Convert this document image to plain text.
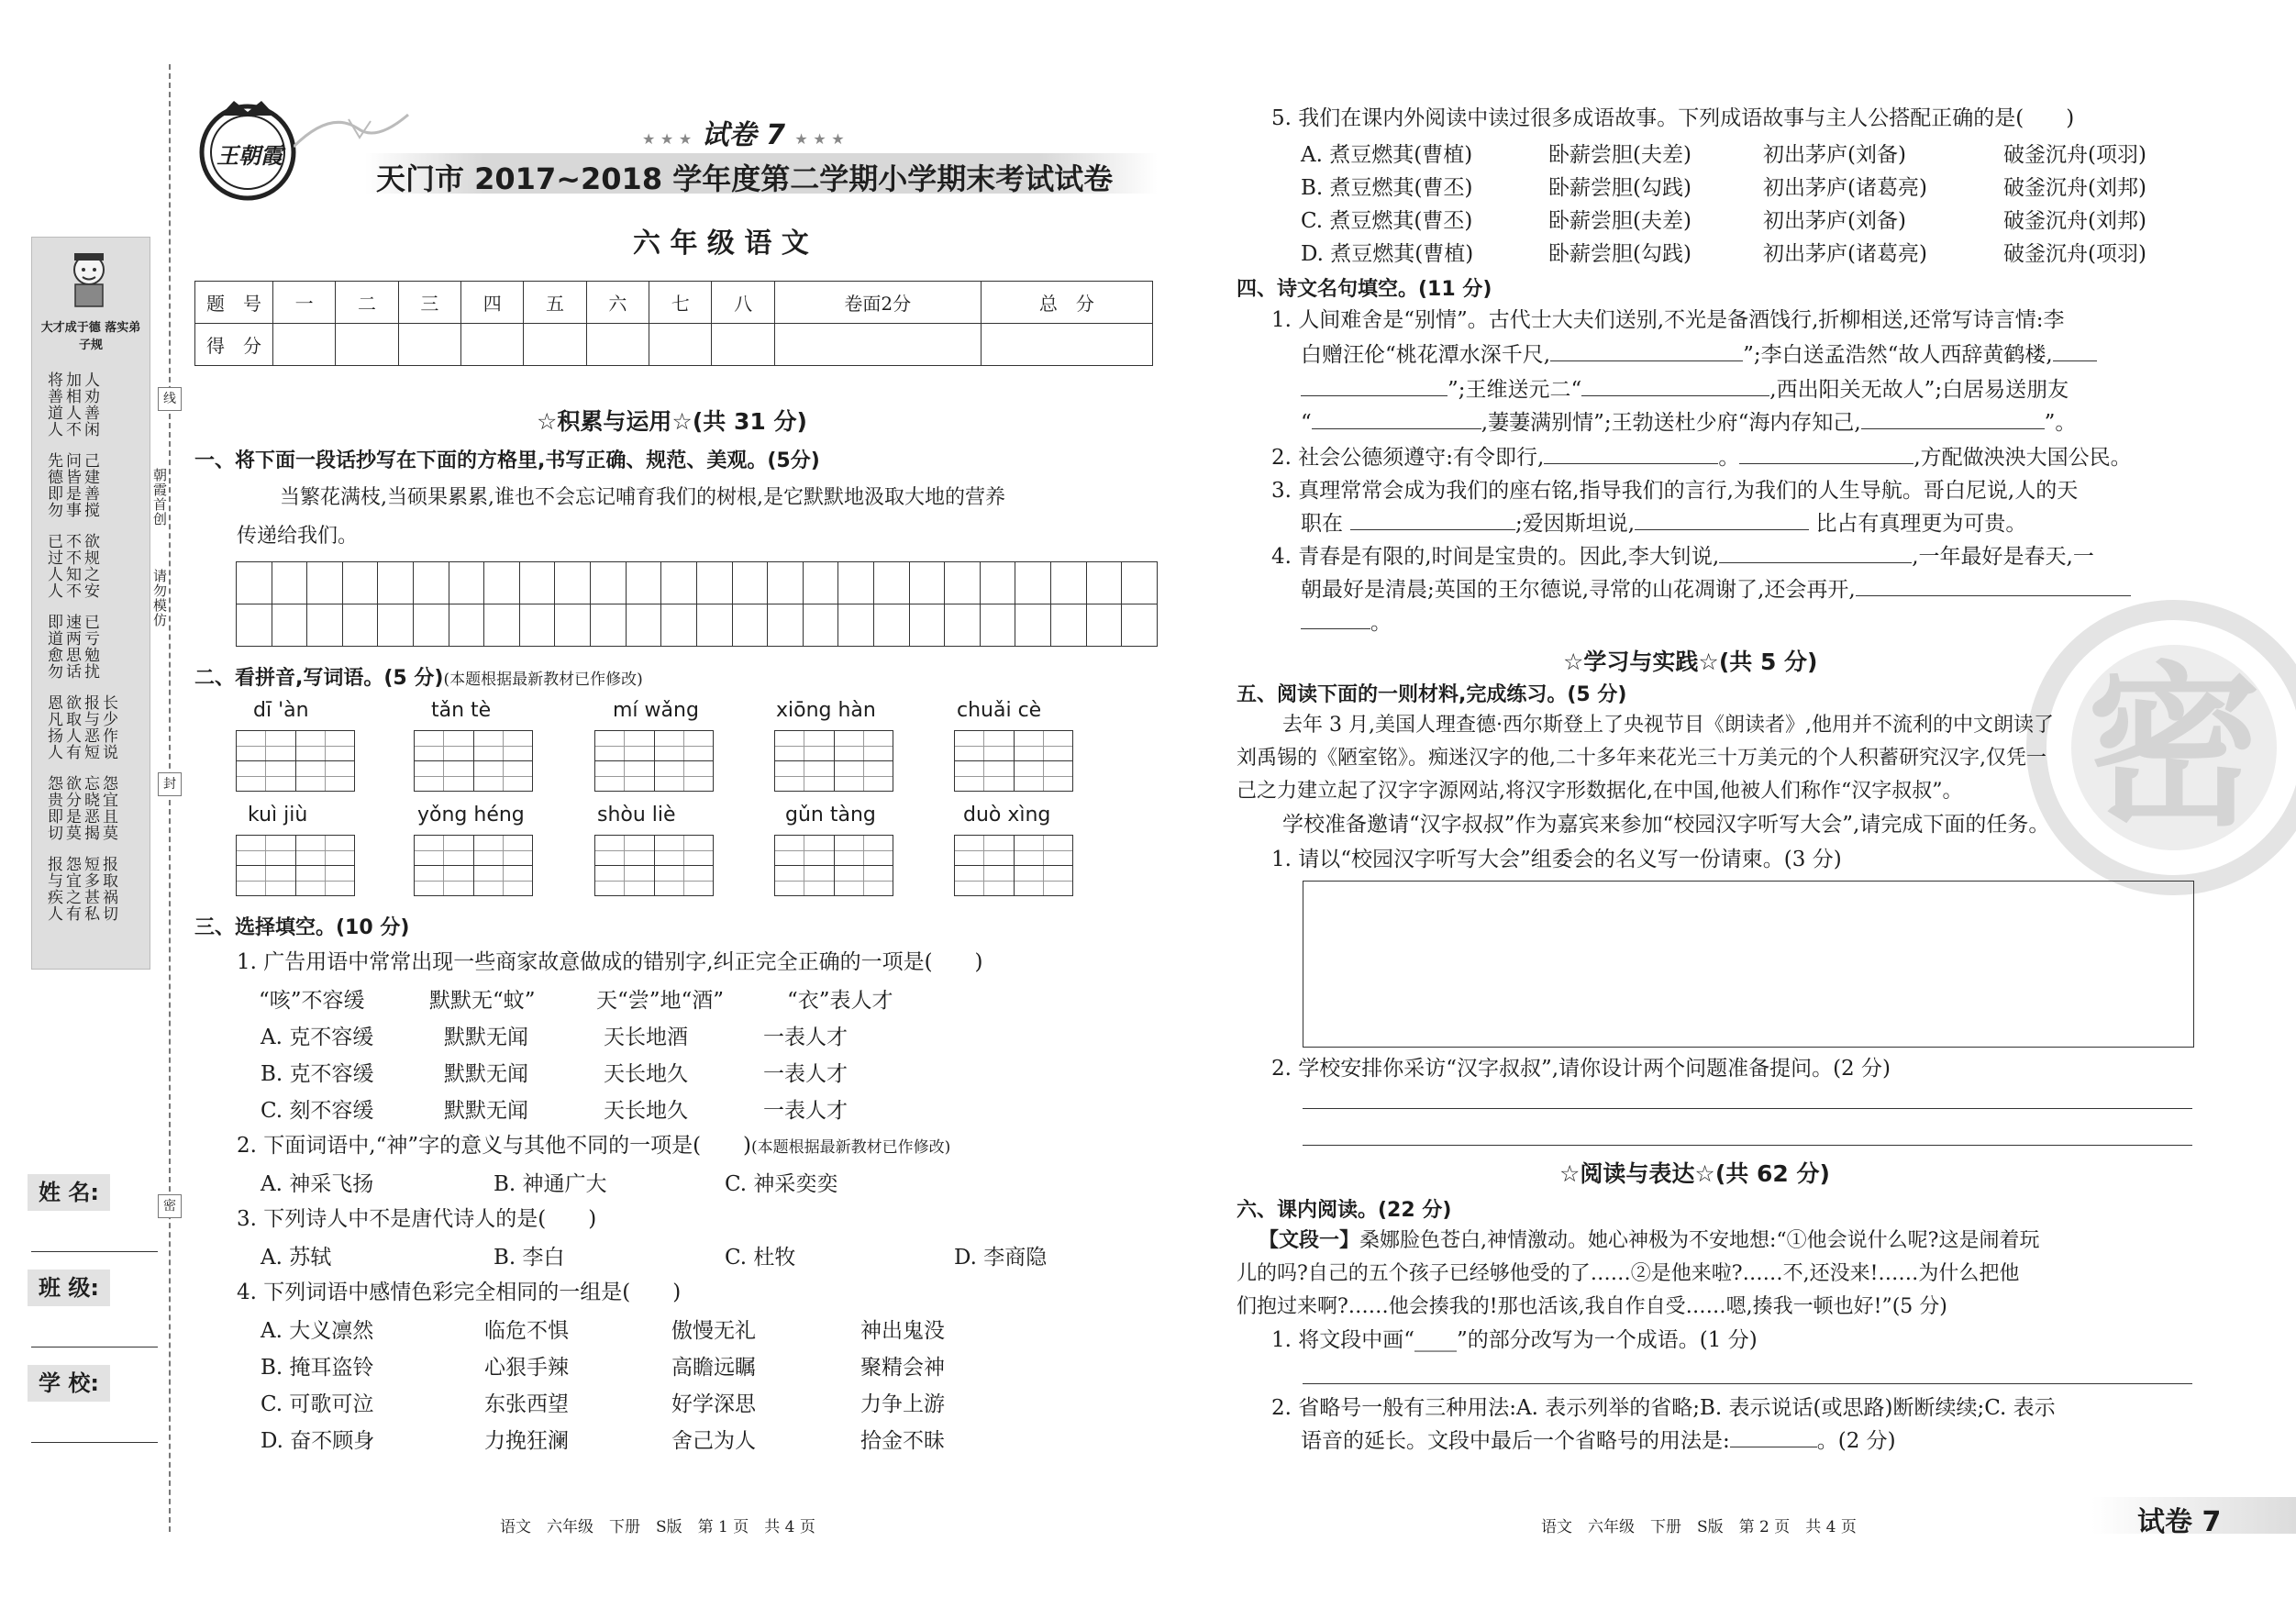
大才成于德 落实弟子规
将善道人 加相人不 人劝善闲
先德即勿 问皆是事 己建善搅
已过人人 不不知不 欲规之安
即道愈勿 速两思话 已亏勉扰
恩凡扬人 欲取人有 报与恶短
怨贵即切 欲分是莫 忘晓恶揭
报与疾人 怨宜之有 短多甚私 报取祸切
怨宜且莫
长少作说
朝霞首创
请勿模仿
线
封
密
姓 名:
班 级:
学 校:
王朝霞
★ ★ ★ 试卷 7 ★ ★ ★
天门市 2017~2018 学年度第二学期小学期末考试试卷
六 年 级 语 文
题　号	一	二	三	四	五	六	七	八	卷面2分	总　分
得　分										
☆积累与运用☆(共 31 分)
一、将下面一段话抄写在下面的方格里,书写正确、规范、美观。(5分)
当繁花满枝,当硕果累累,谁也不会忘记哺育我们的树根,是它默默地汲取大地的营养
传递给我们。

二、看拼音,写词语。(5 分)(本题根据最新教材已作修改)
dī 'àn	tǎn tè	mí wǎng	xiōng hàn	chuǎi cè

kuì jiù	yǒng héng	shòu liè	gǔn tàng	duò xìng

三、选择填空。(10 分)
1. 广告用语中常常出现一些商家故意做成的错别字,纠正完全正确的一项是(　　)
“咳”不容缓	默默无“蚊”	天“尝”地“酒”	“衣”表人才
A. 克不容缓	默默无闻	天长地酒	一表人才
B. 克不容缓	默默无闻	天长地久	一表人才
C. 刻不容缓	默默无闻	天长地久	一表人才
2. 下面词语中,“神”字的意义与其他不同的一项是(　　)(本题根据最新教材已作修改)
A. 神采飞扬	B. 神通广大	C. 神采奕奕
3. 下列诗人中不是唐代诗人的是(　　)
A. 苏轼	B. 李白	C. 杜牧	D. 李商隐
4. 下列词语中感情色彩完全相同的一组是(　　)
A. 大义凛然	临危不惧	傲慢无礼	神出鬼没
B. 掩耳盗铃	心狠手辣	高瞻远瞩	聚精会神
C. 可歌可泣	东张西望	好学深思	力争上游
D. 奋不顾身	力挽狂澜	舍己为人	拾金不昧
语文　六年级　下册　S版　第 1 页　共 4 页
密
5. 我们在课内外阅读中读过很多成语故事。下列成语故事与主人公搭配正确的是(　　)
A. 煮豆燃萁(曹植)	卧薪尝胆(夫差)	初出茅庐(刘备)	破釜沉舟(项羽)
B. 煮豆燃萁(曹丕)	卧薪尝胆(勾践)	初出茅庐(诸葛亮)	破釜沉舟(刘邦)
C. 煮豆燃萁(曹丕)	卧薪尝胆(夫差)	初出茅庐(刘备)	破釜沉舟(刘邦)
D. 煮豆燃萁(曹植)	卧薪尝胆(勾践)	初出茅庐(诸葛亮)	破釜沉舟(项羽)
四、诗文名句填空。(11 分)
1. 人间难舍是“别情”。古代士大夫们送别,不光是备酒饯行,折柳相送,还常写诗言情:李
白赠汪伦“桃花潭水深千尺,	”;李白送孟浩然“故人西辞黄鹤楼,
”;王维送元二“	,西出阳关无故人”;白居易送朋友
“	,萋萋满别情”;王勃送杜少府“海内存知己,	”。
2. 社会公德须遵守:有令即行,	。	,方配做泱泱大国公民。
3. 真理常常会成为我们的座右铭,指导我们的言行,为我们的人生导航。哥白尼说,人的天
职在	;爱因斯坦说,	比占有真理更为可贵。
4. 青春是有限的,时间是宝贵的。因此,李大钊说,	,一年最好是春天,一
朝最好是清晨;英国的王尔德说,寻常的山花凋谢了,还会再开,
。
☆学习与实践☆(共 5 分)
五、阅读下面的一则材料,完成练习。(5 分)
去年 3 月,美国人理查德·西尔斯登上了央视节目《朗读者》,他用并不流利的中文朗读了
刘禹锡的《陋室铭》。痴迷汉字的他,二十多年来花光三十万美元的个人积蓄研究汉字,仅凭一
己之力建立起了汉字字源网站,将汉字形数据化,在中国,他被人们称作“汉字叔叔”。
学校准备邀请“汉字叔叔”作为嘉宾来参加“校园汉字听写大会”,请完成下面的任务。
1. 请以“校园汉字听写大会”组委会的名义写一份请柬。(3 分)
2. 学校安排你采访“汉字叔叔”,请你设计两个问题准备提问。(2 分)
☆阅读与表达☆(共 62 分)
六、课内阅读。(22 分)
【文段一】桑娜脸色苍白,神情激动。她心神极为不安地想:“①他会说什么呢?这是闹着玩
儿的吗?自己的五个孩子已经够他受的了……②是他来啦?……不,还没来!……为什么把他
们抱过来啊?……他会揍我的!那也活该,我自作自受……嗯,揍我一顿也好!”(5 分)
1. 将文段中画“____”的部分改写为一个成语。(1 分)
2. 省略号一般有三种用法:A. 表示列举的省略;B. 表示说话(或思路)断断续续;C. 表示
语音的延长。文段中最后一个省略号的用法是:	。(2 分)
语文　六年级　下册　S版　第 2 页　共 4 页	试卷 7
